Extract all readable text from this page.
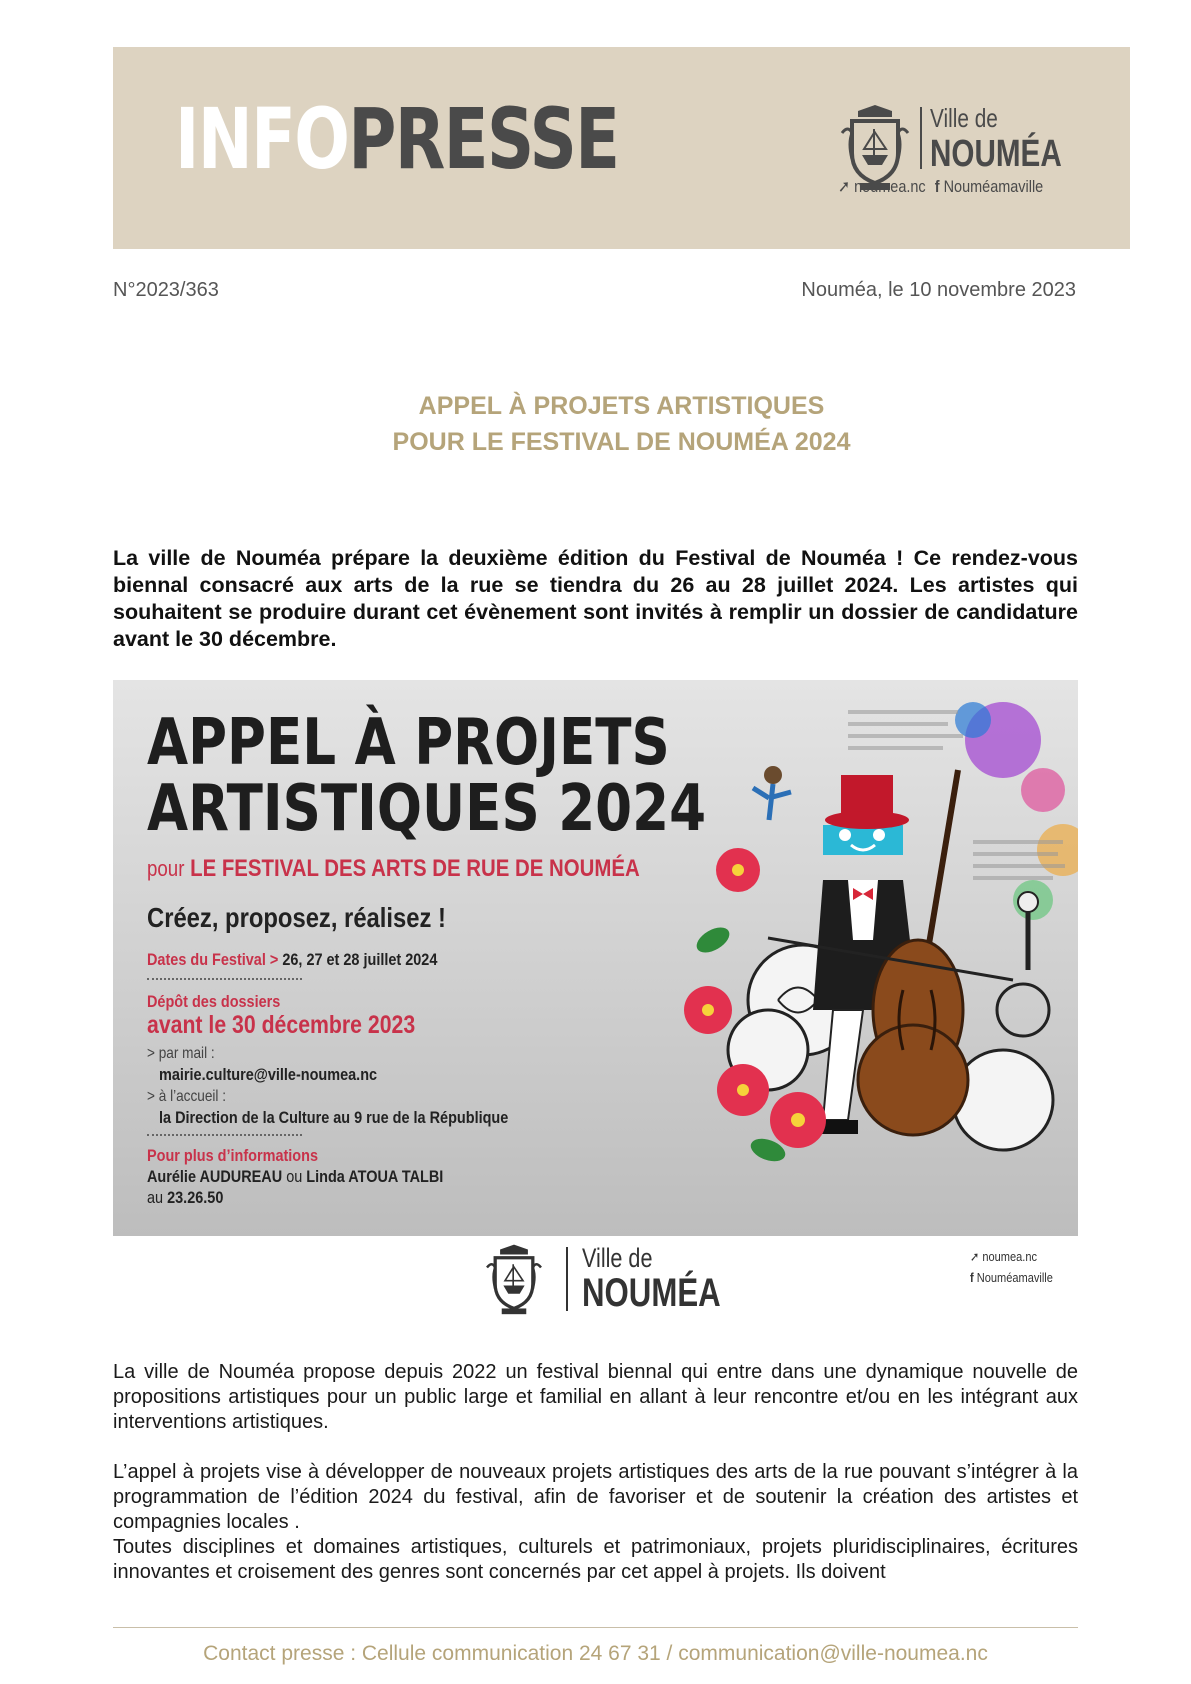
INFOPRESSE	Ville de
NOUMÉA
➚ noumea.nc f Nouméamaville
N°2023/363	Nouméa, le 10 novembre 2023
APPEL À PROJETS ARTISTIQUES
POUR LE FESTIVAL DE NOUMÉA 2024
La ville de Nouméa prépare la deuxième édition du Festival de Nouméa ! Ce rendez-vous biennal consacré aux arts de la rue se tiendra du 26 au 28 juillet 2024. Les artistes qui souhaitent se produire durant cet évènement sont invités à remplir un dossier de candidature avant le 30 décembre.
APPEL À PROJETS
ARTISTIQUES 2024
pour LE FESTIVAL DES ARTS DE RUE DE NOUMÉA
Créez, proposez, réalisez !
Dates du Festival > 26, 27 et 28 juillet 2024
Dépôt des dossiers
avant le 30 décembre 2023
> par mail :
mairie.culture@ville-noumea.nc
> à l’accueil :
la Direction de la Culture au 9 rue de la République
Pour plus d’informations
Aurélie AUDUREAU ou Linda ATOUA TALBI
au 23.26.50
Ville de
NOUMÉA
➚ noumea.nc
f Nouméamaville
La ville de Nouméa propose depuis 2022 un festival biennal qui entre dans une dynamique nouvelle de propositions artistiques pour un public large et familial en allant à leur rencontre et/ou en les intégrant aux interventions artistiques.
L’appel à projets vise à développer de nouveaux projets artistiques des arts de la rue pouvant s’intégrer à la programmation de l’édition 2024 du festival, afin de favoriser et de soutenir la création des artistes et compagnies locales .
Toutes disciplines et domaines artistiques, culturels et patrimoniaux, projets pluridisciplinaires, écritures innovantes et croisement des genres sont concernés par cet appel à projets. Ils doivent
Contact presse : Cellule communication 24 67 31 / communication@ville-noumea.nc
